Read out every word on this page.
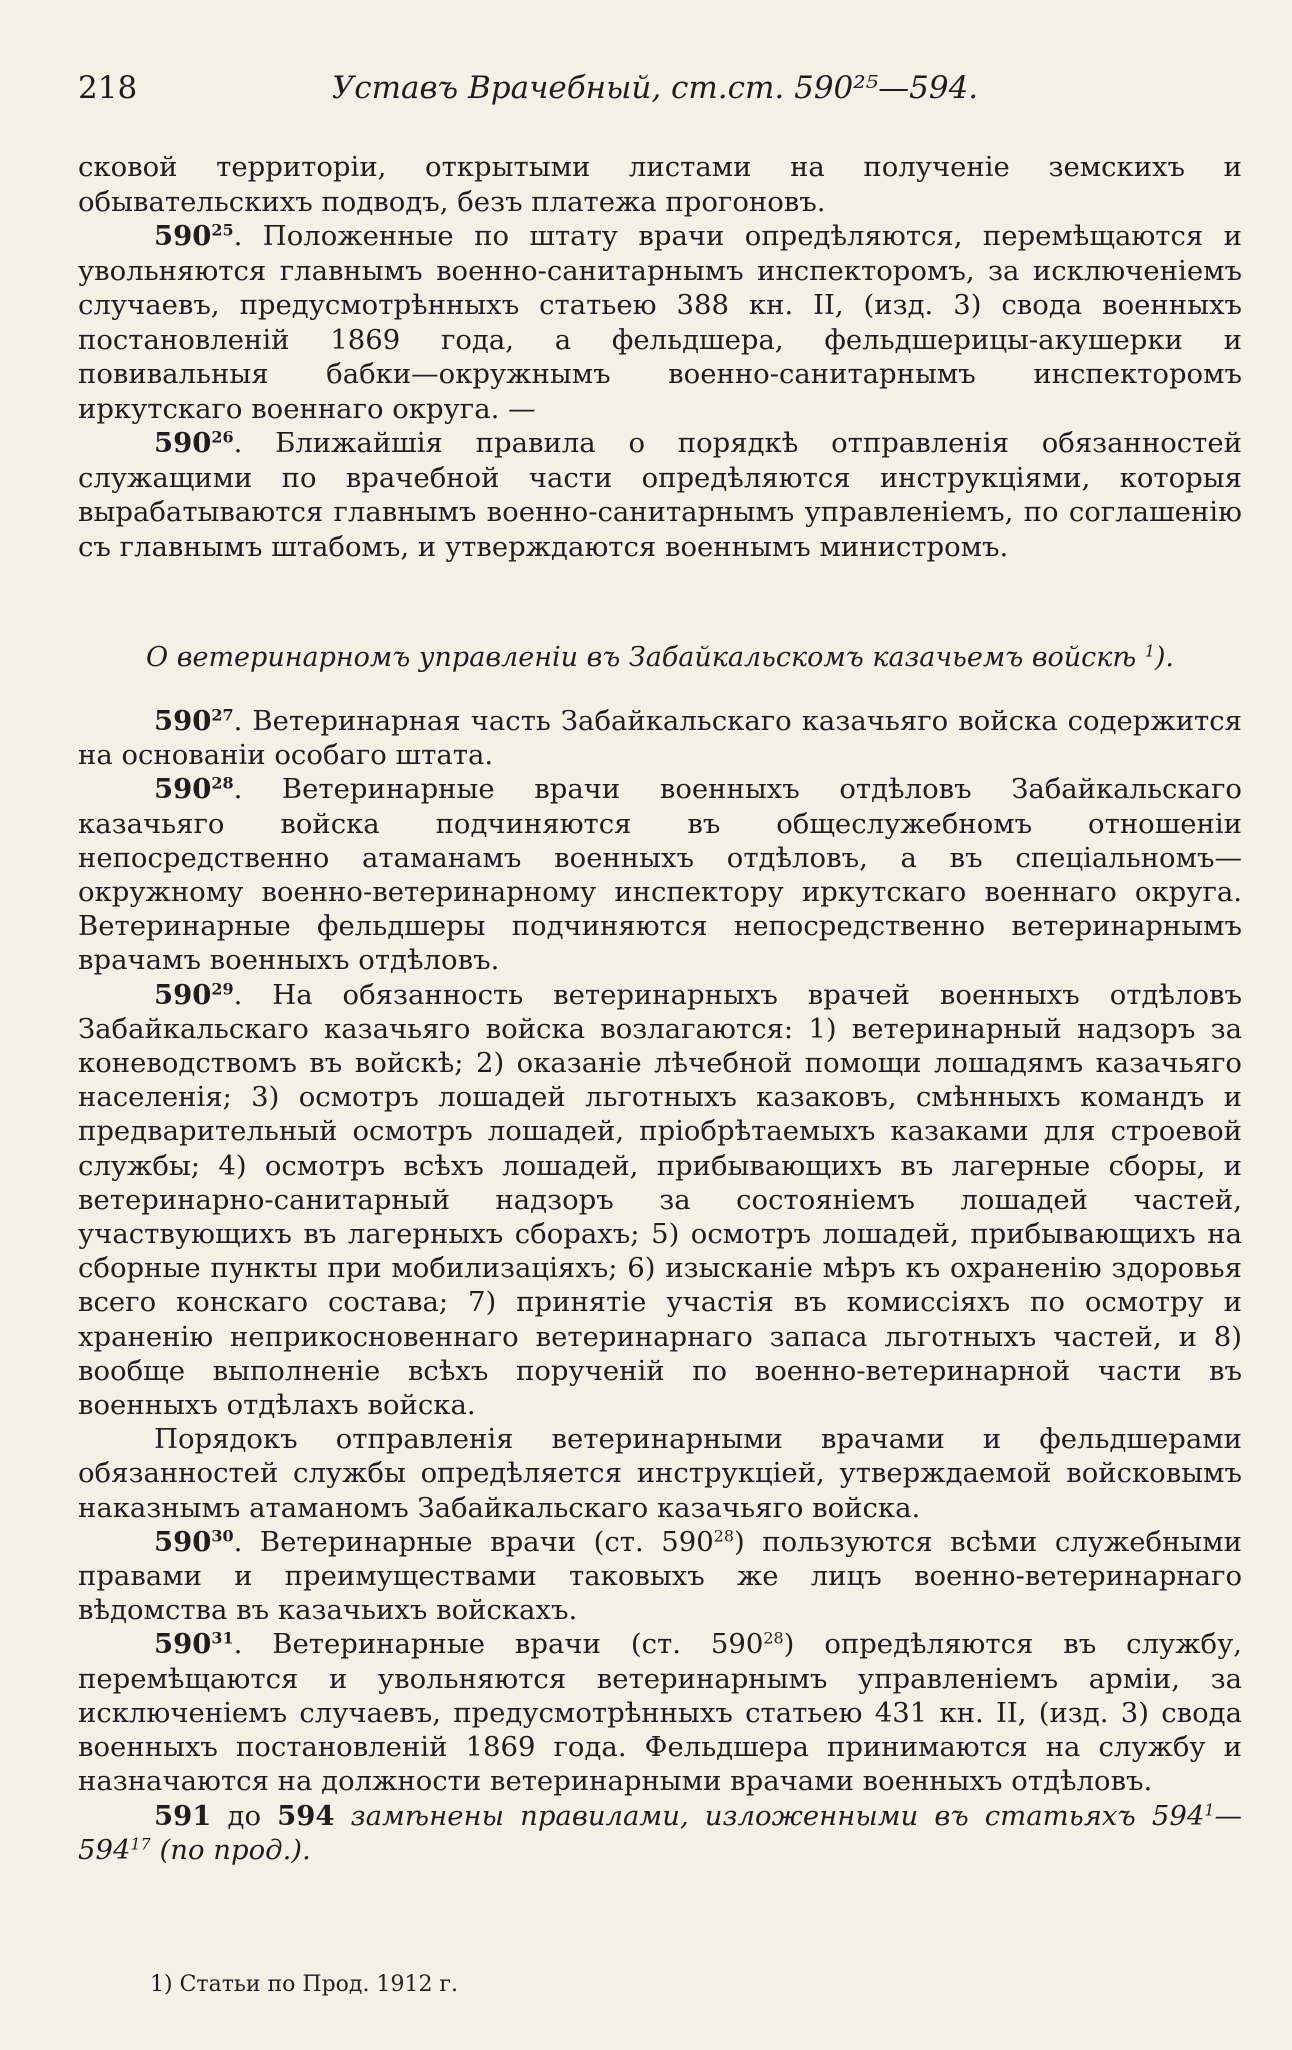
218	Уставъ Врачебный, ст.ст. 590²⁵—594.

сковой территоріи, открытыми листами на полученіе земскихъ и обывательскихъ подводъ, безъ платежа прогоновъ.

$590^{25}$. Положенные по штату врачи опредѣляются, перемѣщаются и увольняются главнымъ военно-санитарнымъ инспекторомъ, за исключеніемъ случаевъ, предусмотрѣнныхъ статьею 388 кн. II, (изд. 3) свода военныхъ постановленій 1869 года, а фельдшера, фельдшерицы-акушерки и повивальныя бабки—окружнымъ военно-санитарнымъ инспекторомъ иркутскаго военнаго округа. —

$590^{26}$. Ближайшія правила о порядкѣ отправленія обязанностей служащими по врачебной части опредѣляются инструкціями, которыя вырабатываются главнымъ военно-санитарнымъ управленіемъ, по соглашенію съ главнымъ штабомъ, и утверждаются военнымъ министромъ.

О ветеринарномъ управленіи въ Забайкальскомъ казачьемъ войскѣ $^1$).

$590^{27}$. Ветеринарная часть Забайкальскаго казачьяго войска содержится на основаніи особаго штата.

$590^{28}$. Ветеринарные врачи военныхъ отдѣловъ Забайкальскаго казачьяго войска подчиняются въ общеслужебномъ отношеніи непосредственно атаманамъ военныхъ отдѣловъ, а въ спеціальномъ—окружному военно-ветеринарному инспектору иркутскаго военнаго округа. Ветеринарные фельдшеры подчиняются непосредственно ветеринарнымъ врачамъ военныхъ отдѣловъ.

$590^{29}$. На обязанность ветеринарныхъ врачей военныхъ отдѣловъ Забайкальскаго казачьяго войска возлагаются: 1) ветеринарный надзоръ за коневодствомъ въ войскѣ; 2) оказаніе лѣчебной помощи лошадямъ казачьяго населенія; 3) осмотръ лошадей льготныхъ казаковъ, смѣнныхъ командъ и предварительный осмотръ лошадей, пріобрѣтаемыхъ казаками для строевой службы; 4) осмотръ всѣхъ лошадей, прибывающихъ въ лагерные сборы, и ветеринарно-санитарный надзоръ за состояніемъ лошадей частей, участвующихъ въ лагерныхъ сборахъ; 5) осмотръ лошадей, прибывающихъ на сборные пункты при мобилизаціяхъ; 6) изысканіе мѣръ къ охраненію здоровья всего конскаго состава; 7) принятіе участія въ комиссіяхъ по осмотру и храненію неприкосновеннаго ветеринарнаго запаса льготныхъ частей, и 8) вообще выполненіе всѣхъ порученій по военно-ветеринарной части въ военныхъ отдѣлахъ войска.

Порядокъ отправленія ветеринарными врачами и фельдшерами обязанностей службы опредѣляется инструкціей, утверждаемой войсковымъ наказнымъ атаманомъ Забайкальскаго казачьяго войска.

$590^{30}$. Ветеринарные врачи (ст. $590^{28}$) пользуются всѣми служебными правами и преимуществами таковыхъ же лицъ военно-ветеринарнаго вѣдомства въ казачьихъ войскахъ.

$590^{31}$. Ветеринарные врачи (ст. $590^{28}$) опредѣляются въ службу, перемѣщаются и увольняются ветеринарнымъ управленіемъ арміи, за исключеніемъ случаевъ, предусмотрѣнныхъ статьею 431 кн. II, (изд. 3) свода военныхъ постановленій 1869 года. Фельдшера принимаются на службу и назначаются на должности ветеринарными врачами военныхъ отдѣловъ.

591 до 594 замѣнены правилами, изложенными въ статьяхъ $594^1—594^{17}$ (по прод.).

1) Статьи по Прод. 1912 г.
